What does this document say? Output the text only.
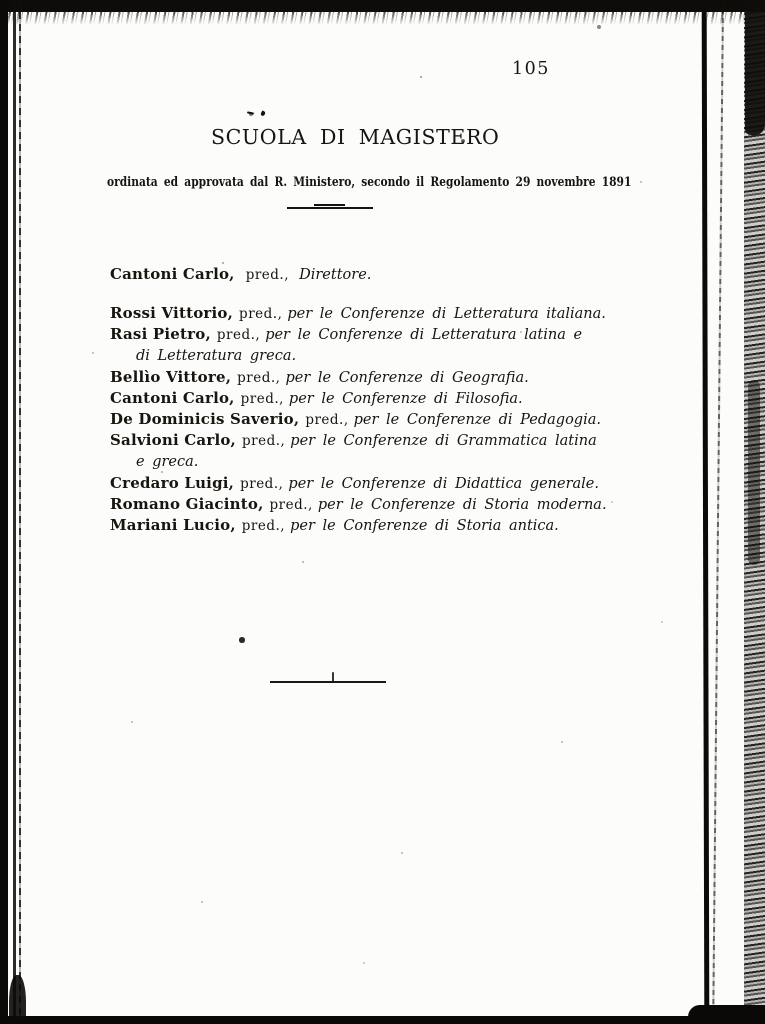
105
SCUOLA DI MAGISTERO
ordinata ed approvata dal R. Ministero, secondo il Regolamento 29 novembre 1891
Cantoni Carlo, pred., Direttore.
Rossi Vittorio, pred., per le Conferenze di Letteratura italiana.
Rasi Pietro, pred., per le Conferenze di Letteratura latina e
di Letteratura greca.
Bellìo Vittore, pred., per le Conferenze di Geografia.
Cantoni Carlo, pred., per le Conferenze di Filosofia.
De Dominicis Saverio, pred., per le Conferenze di Pedagogia.
Salvioni Carlo, pred., per le Conferenze di Grammatica latina
e greca.
Credaro Luigi, pred., per le Conferenze di Didattica generale.
Romano Giacinto, pred., per le Conferenze di Storia moderna.
Mariani Lucio, pred., per le Conferenze di Storia antica.
